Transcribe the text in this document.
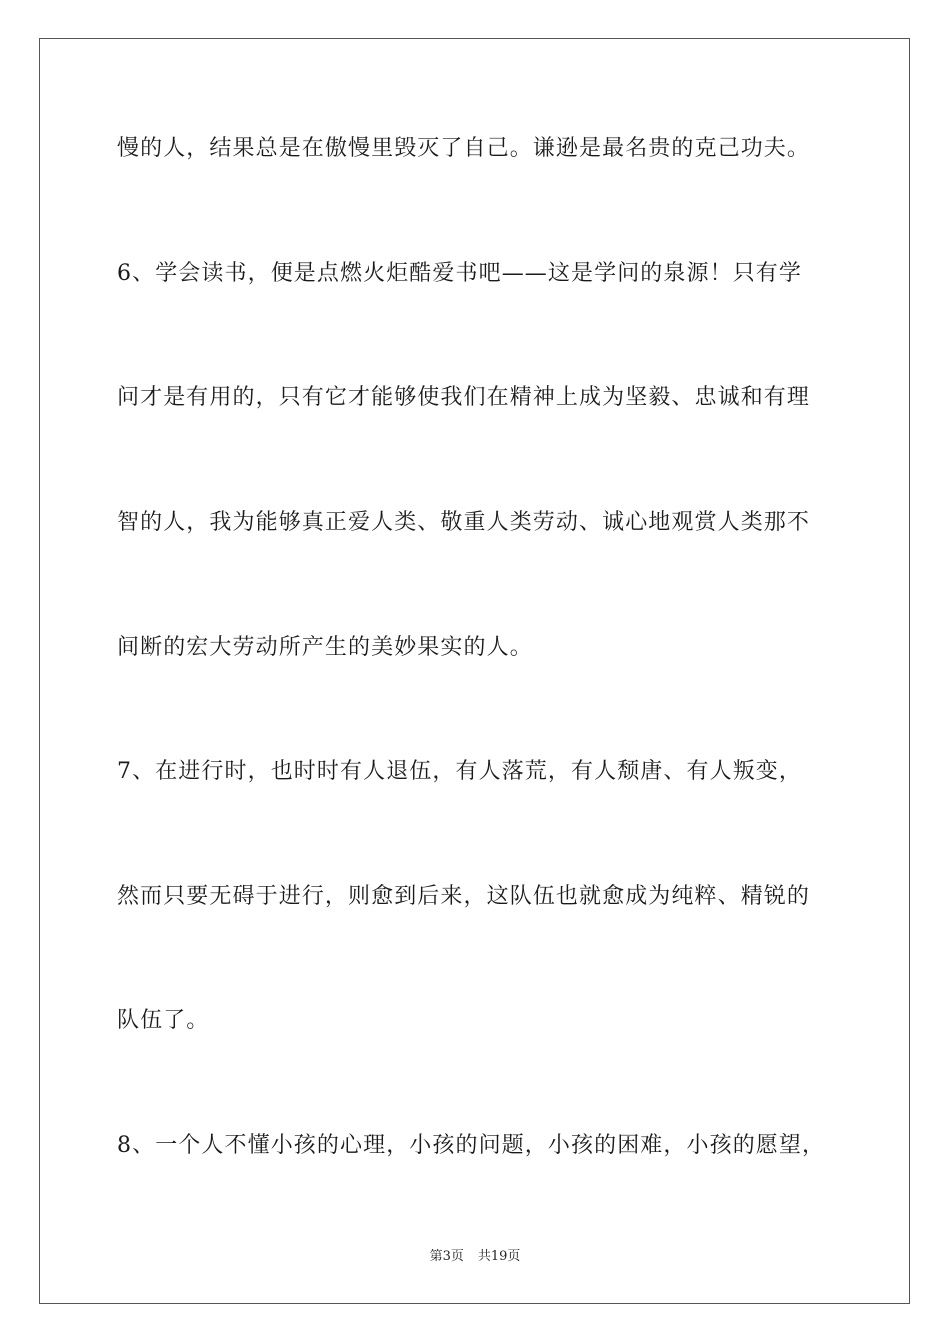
慢的人，结果总是在傲慢里毁灭了自己。谦逊是最名贵的克己功夫。
6、学会读书，便是点燃火炬酷爱书吧——这是学问的泉源！只有学
问才是有用的，只有它才能够使我们在精神上成为坚毅、忠诚和有理
智的人，我为能够真正爱人类、敬重人类劳动、诚心地观赏人类那不
间断的宏大劳动所产生的美妙果实的人。
7、在进行时，也时时有人退伍，有人落荒，有人颓唐、有人叛变，
然而只要无碍于进行，则愈到后来，这队伍也就愈成为纯粹、精锐的
队伍了。
8、一个人不懂小孩的心理，小孩的问题，小孩的困难，小孩的愿望，
第3页 共19页
